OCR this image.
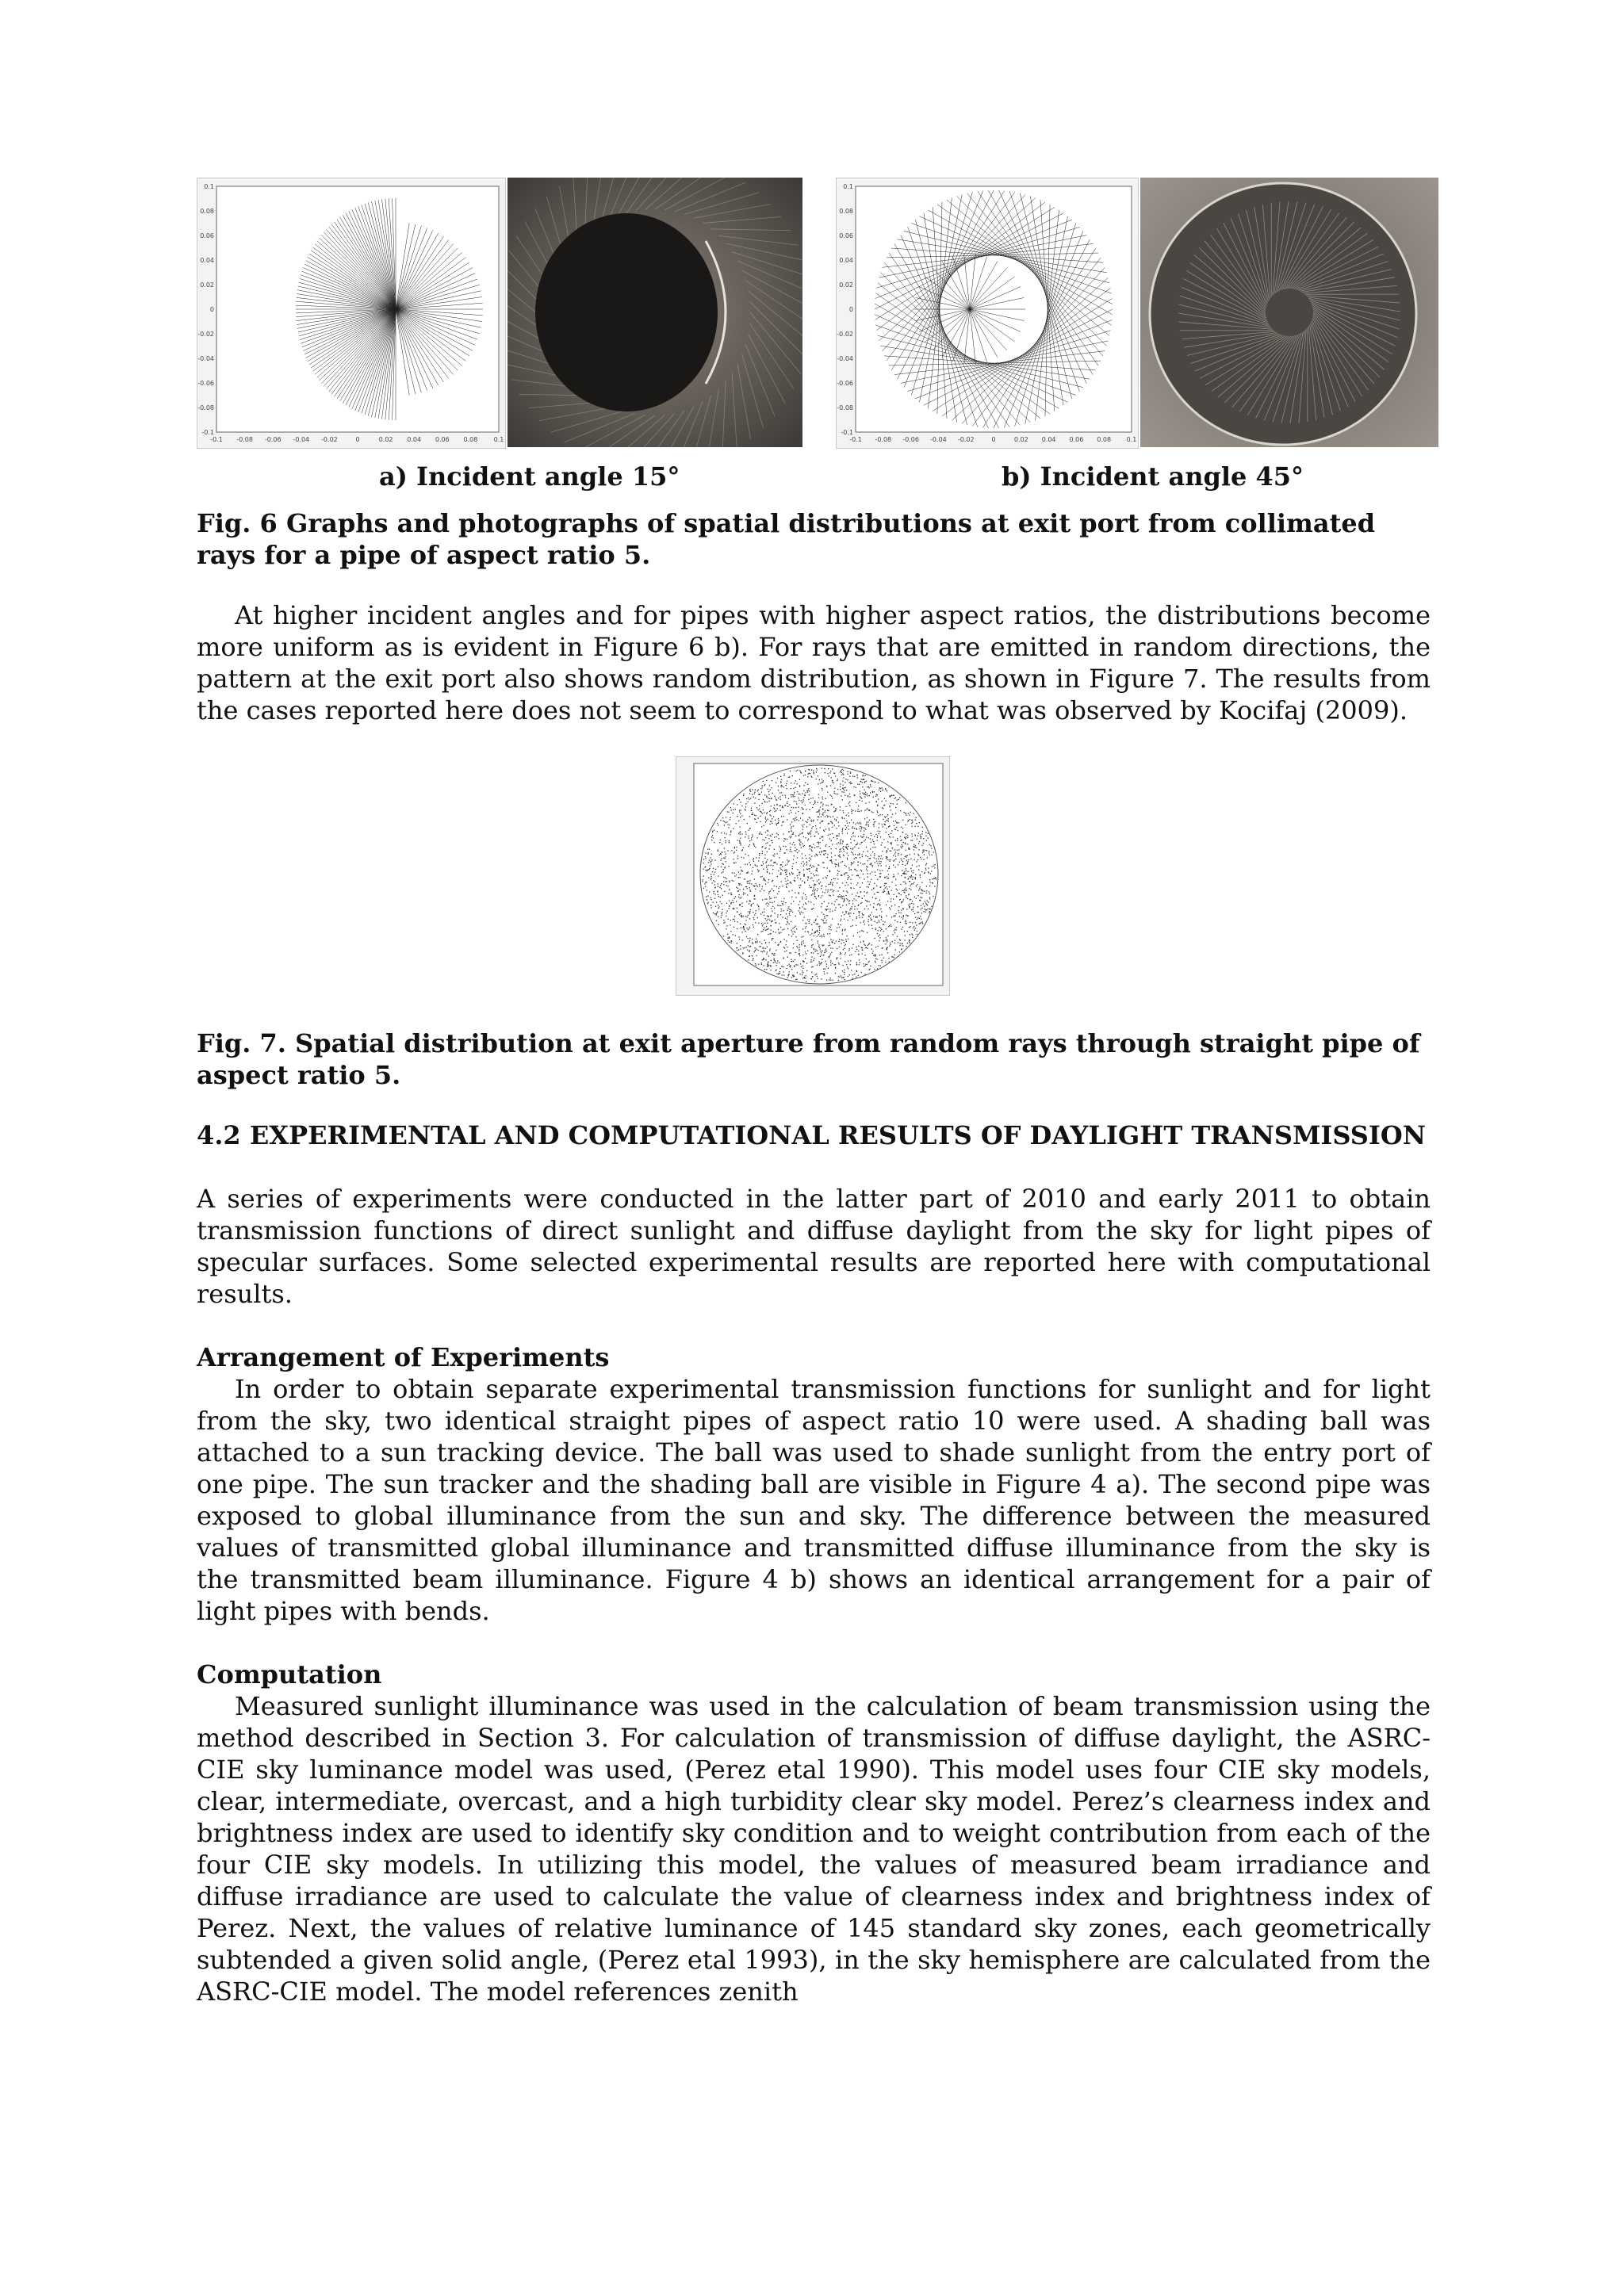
0.1
0.08
0.06
0.04
0.02
0
-0.02
-0.04
-0.06
-0.08
-0.1
-0.1 -0.08 -0.06 -0.04 -0.02	0	0.02 0.04 0.06 0.08	0.1
0.1
0.08
0.06
0.04
0.02
0
-0.02
-0.04
-0.06
-0.08
-0.1
-0.1 -0.08 -0.06 -0.04 -0.02	0	0.02 0.04 0.06 0.08 0.1
a) Incident angle 15°	b) Incident angle 45°

Fig. 6 Graphs and photographs of spatial distributions at exit port from collimated rays for a pipe of aspect ratio 5.

At higher incident angles and for pipes with higher aspect ratios, the distributions become more uniform as is evident in Figure 6 b). For rays that are emitted in random directions, the pattern at the exit port also shows random distribution, as shown in Figure 7. The results from the cases reported here does not seem to correspond to what was observed by Kocifaj (2009).

Fig. 7. Spatial distribution at exit aperture from random rays through straight pipe of aspect ratio 5.

4.2 EXPERIMENTAL AND COMPUTATIONAL RESULTS OF DAYLIGHT TRANSMISSION

A series of experiments were conducted in the latter part of 2010 and early 2011 to obtain transmission functions of direct sunlight and diffuse daylight from the sky for light pipes of specular surfaces. Some selected experimental results are reported here with computational results.

Arrangement of Experiments

In order to obtain separate experimental transmission functions for sunlight and for light from the sky, two identical straight pipes of aspect ratio 10 were used. A shading ball was attached to a sun tracking device. The ball was used to shade sunlight from the entry port of one pipe. The sun tracker and the shading ball are visible in Figure 4 a). The second pipe was exposed to global illuminance from the sun and sky. The difference between the measured values of transmitted global illuminance and transmitted diffuse illuminance from the sky is the transmitted beam illuminance. Figure 4 b) shows an identical arrangement for a pair of light pipes with bends.

Computation

Measured sunlight illuminance was used in the calculation of beam transmission using the method described in Section 3. For calculation of transmission of diffuse daylight, the ASRC-CIE sky luminance model was used, (Perez etal 1990). This model uses four CIE sky models, clear, intermediate, overcast, and a high turbidity clear sky model. Perez’s clearness index and brightness index are used to identify sky condition and to weight contribution from each of the four CIE sky models. In utilizing this model, the values of measured beam irradiance and diffuse irradiance are used to calculate the value of clearness index and brightness index of Perez. Next, the values of relative luminance of 145 standard sky zones, each geometrically subtended a given solid angle, (Perez etal 1993), in the sky hemisphere are calculated from the ASRC-CIE model. The model references zenith
